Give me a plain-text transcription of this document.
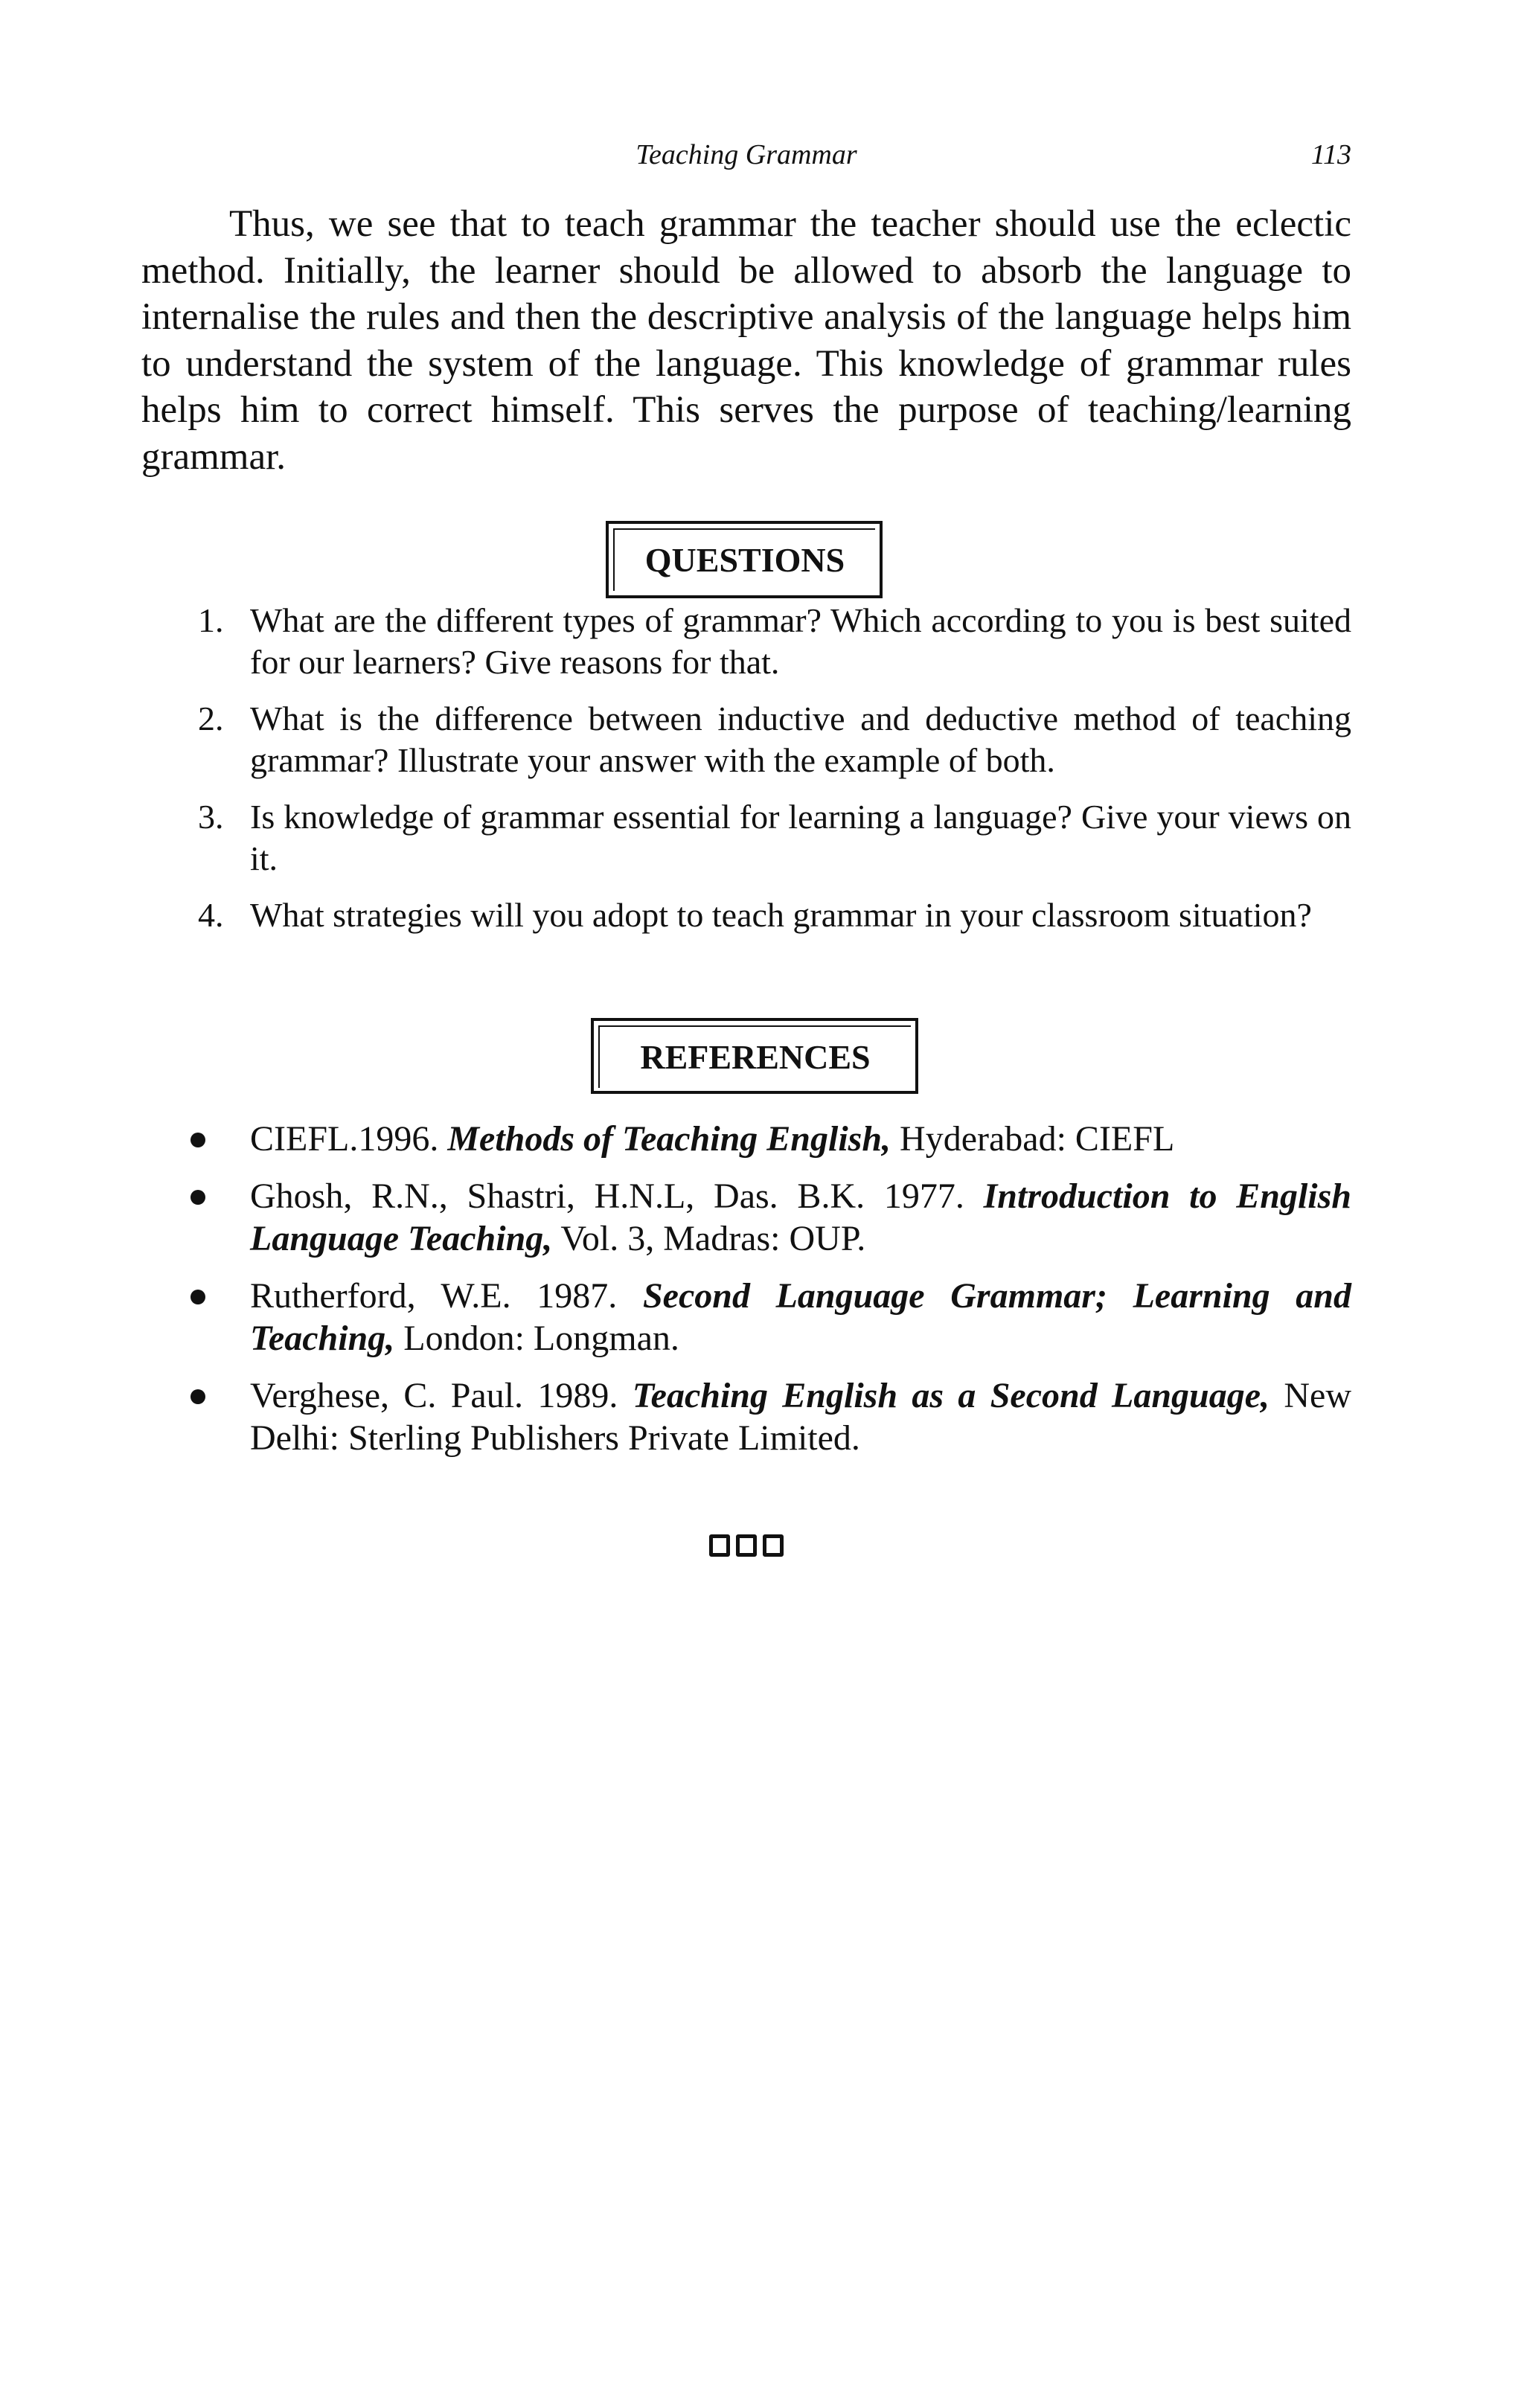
Teaching Grammar	113

Thus, we see that to teach grammar the teacher should use the eclectic method. Initially, the learner should be allowed to absorb the language to internalise the rules and then the descriptive analysis of the language helps him to understand the system of the language. This knowledge of grammar rules helps him to correct himself. This serves the purpose of teaching/learning grammar.

QUESTIONS
1. What are the different types of grammar? Which according to you is best suited for our learners? Give reasons for that.
2. What is the difference between inductive and deductive method of teaching grammar? Illustrate your answer with the example of both.
3. Is knowledge of grammar essential for learning a language? Give your views on it.
4. What strategies will you adopt to teach grammar in your classroom situation?
REFERENCES
CIEFL.1996. Methods of Teaching English, Hyderabad: CIEFL
Ghosh, R.N., Shastri, H.N.L, Das. B.K. 1977. Introduction to English Language Teaching, Vol. 3, Madras: OUP.
Rutherford, W.E. 1987. Second Language Grammar; Learning and Teaching, London: Longman.
Verghese, C. Paul. 1989. Teaching English as a Second Language, New Delhi: Sterling Publishers Private Limited.
